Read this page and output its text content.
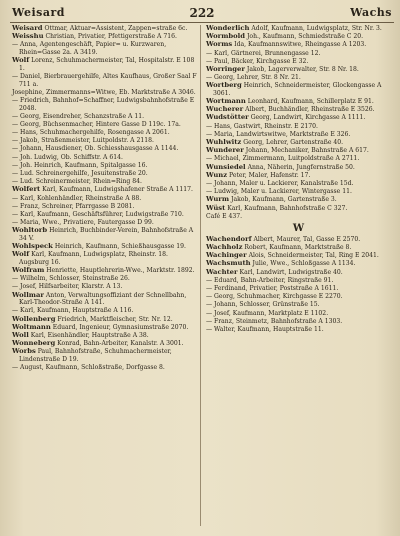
Weisard	222	Wachs
Weisard Ottmar, Aktuar=Assistent, Zappen=straße 6c.
Weisshu Christian, Privatier, Pfettigerstraße A 716.
— Anna, Agentengeschäft, Papier= u. Kurzwaren, Rhein=Gasse 2a. A 3419.
Wolf Lorenz, Schuhmachermeister, Tal, Hospitalstr. E 108 1.
— Daniel, Bierbrauergehilfe, Altes Kaufhaus, Großer Saal F 711 a.
Josephine, Zimmermanns=Witwe, Eb. Marktstraße A 3046.
— Friedrich, Bahnhof=Schaffner, Ludwigsbahnhofstraße E 2048.
— Georg, Eisendreher, Schanzstraße A 11.
— Georg, Büchsenmacher, Hintere Gasse D 119c. 17a.
— Hans, Schuhmachergehilfe, Rosengasse A 2061.
— Jakob, Straßenmeister, Luitpoldstr. A 2118.
— Johann, Hausdiener, Ob. Schiesshausgasse A 1144.
— Joh. Ludwig, Ob. Schiffstr. A 614.
— Joh. Heinrich, Kaufmann, Spitalgasse 16.
— Lud. Schreinergehilfe, Jesuitenstraße 20.
— Lud. Schreinermeister, Rhein=Ring 84.
Wolfert Karl, Kaufmann, Ludwigshafener Straße A 1117.
— Karl, Kohlenhändler, Rheinstraße A 88.
— Franz, Schreiner, Pfarrgasse B 2081.
— Karl, Kaufmann, Geschäftsführer, Ludwigstraße 710.
— Maria, Wwe., Privatiere, Fautergasse D 99.
Wohltorb Heinrich, Buchbinder-Verein, Bahnhofstraße A 34 V.
Wohlspeck Heinrich, Kaufmann, Schießhausgasse 19.
Wolf Karl, Kaufmann, Ludwigsplatz, Rheinstr. 18. Augsburg 16.
Wolfram Henriette, Hauptlehrerin-Wwe., Marktstr. 1892.
— Wilhelm, Schlosser, Steinstraße 26.
— Josef, Hilfsarbeiter, Klarstr. A 13.
Wollmar Anton, Verwaltungsoffiziant der Schnellbahn, Karl-Theodor-Straße A 141.
— Karl, Kaufmann, Hauptstraße A 116.
Wollenberg Friedrich, Marktfleischer, Str. Nr. 12.
Woltmann Eduard, Ingenieur, Gymnasiumstraße 2070.
Woll Karl, Eisenhändler, Hauptstraße A 38.
Wonneberg Konrad, Bahn-Arbeiter, Kanalstr. A 3001.
Worbs Paul, Bahnhofstraße, Schuhmachermeister, Lindenstraße D 19.
— August, Kaufmann, Schloßstraße, Dorfgasse 8.
Wonderlich Adolf, Kaufmann, Ludwigsplatz, Str. Nr. 3.
Wormbold Joh., Kaufmann, Schmiedstraße C 20.
Worms Ida, Kaufmannswitwe, Rheingasse A 1203.
— Karl, Gärtnerei, Brunnengasse 12.
— Paul, Bäcker, Kirchgasse E 32.
Worringer Jakob, Lagerverwalter, Str. 8 Nr. 18.
— Georg, Lehrer, Str. 8 Nr. 21.
Wortberg Heinrich, Schneidermeister, Glockengasse A 3061.
Wortmann Leonhard, Kaufmann, Schillerplatz E 91.
Wucherer Albert, Buchhändler, Rheinstraße E 3526.
Wudstötter Georg, Landwirt, Kirchgasse A 1111.
— Hans, Gastwirt, Rheinstr. E 2170.
— Maria, Landwirtswitwe, Marktstraße E 326.
Wuhlwitz Georg, Lehrer, Gartenstraße 40.
Wunderer Johann, Mechaniker, Bahnstraße A 617.
— Michael, Zimmermann, Luitpoldstraße A 2711.
Wunsiedel Anna, Näherin, Jungfernstraße 50.
Wunz Peter, Maler, Hafenstr. 17.
— Johann, Maler u. Lackierer, Kanalstraße 15d.
— Ludwig, Maler u. Lackierer, Wintergasse 11.
Wurm Jakob, Kaufmann, Gartenstraße 3.
Wüst Karl, Kaufmann, Bahnhofstraße C 327.
Café E 437.
W
Wachendorf Albert, Maurer, Tal, Gasse E 2570.
Wachholz Robert, Kaufmann, Marktstraße 8.
Wachinger Alois, Schneidermeister, Tal, Ring E 2041.
Wachsmuth Julie, Wwe., Schloßgasse A 1134.
Wachter Karl, Landwirt, Ludwigstraße 40.
— Eduard, Bahn-Arbeiter, Ringstraße 91.
— Ferdinand, Privatier, Poststraße A 1611.
— Georg, Schuhmacher, Kirchgasse E 2270.
— Johann, Schlosser, Grünstraße 15.
— Josef, Kaufmann, Marktplatz E 1102.
— Franz, Steinmetz, Bahnhofstraße A 1303.
— Walter, Kaufmann, Hauptstraße 11.
